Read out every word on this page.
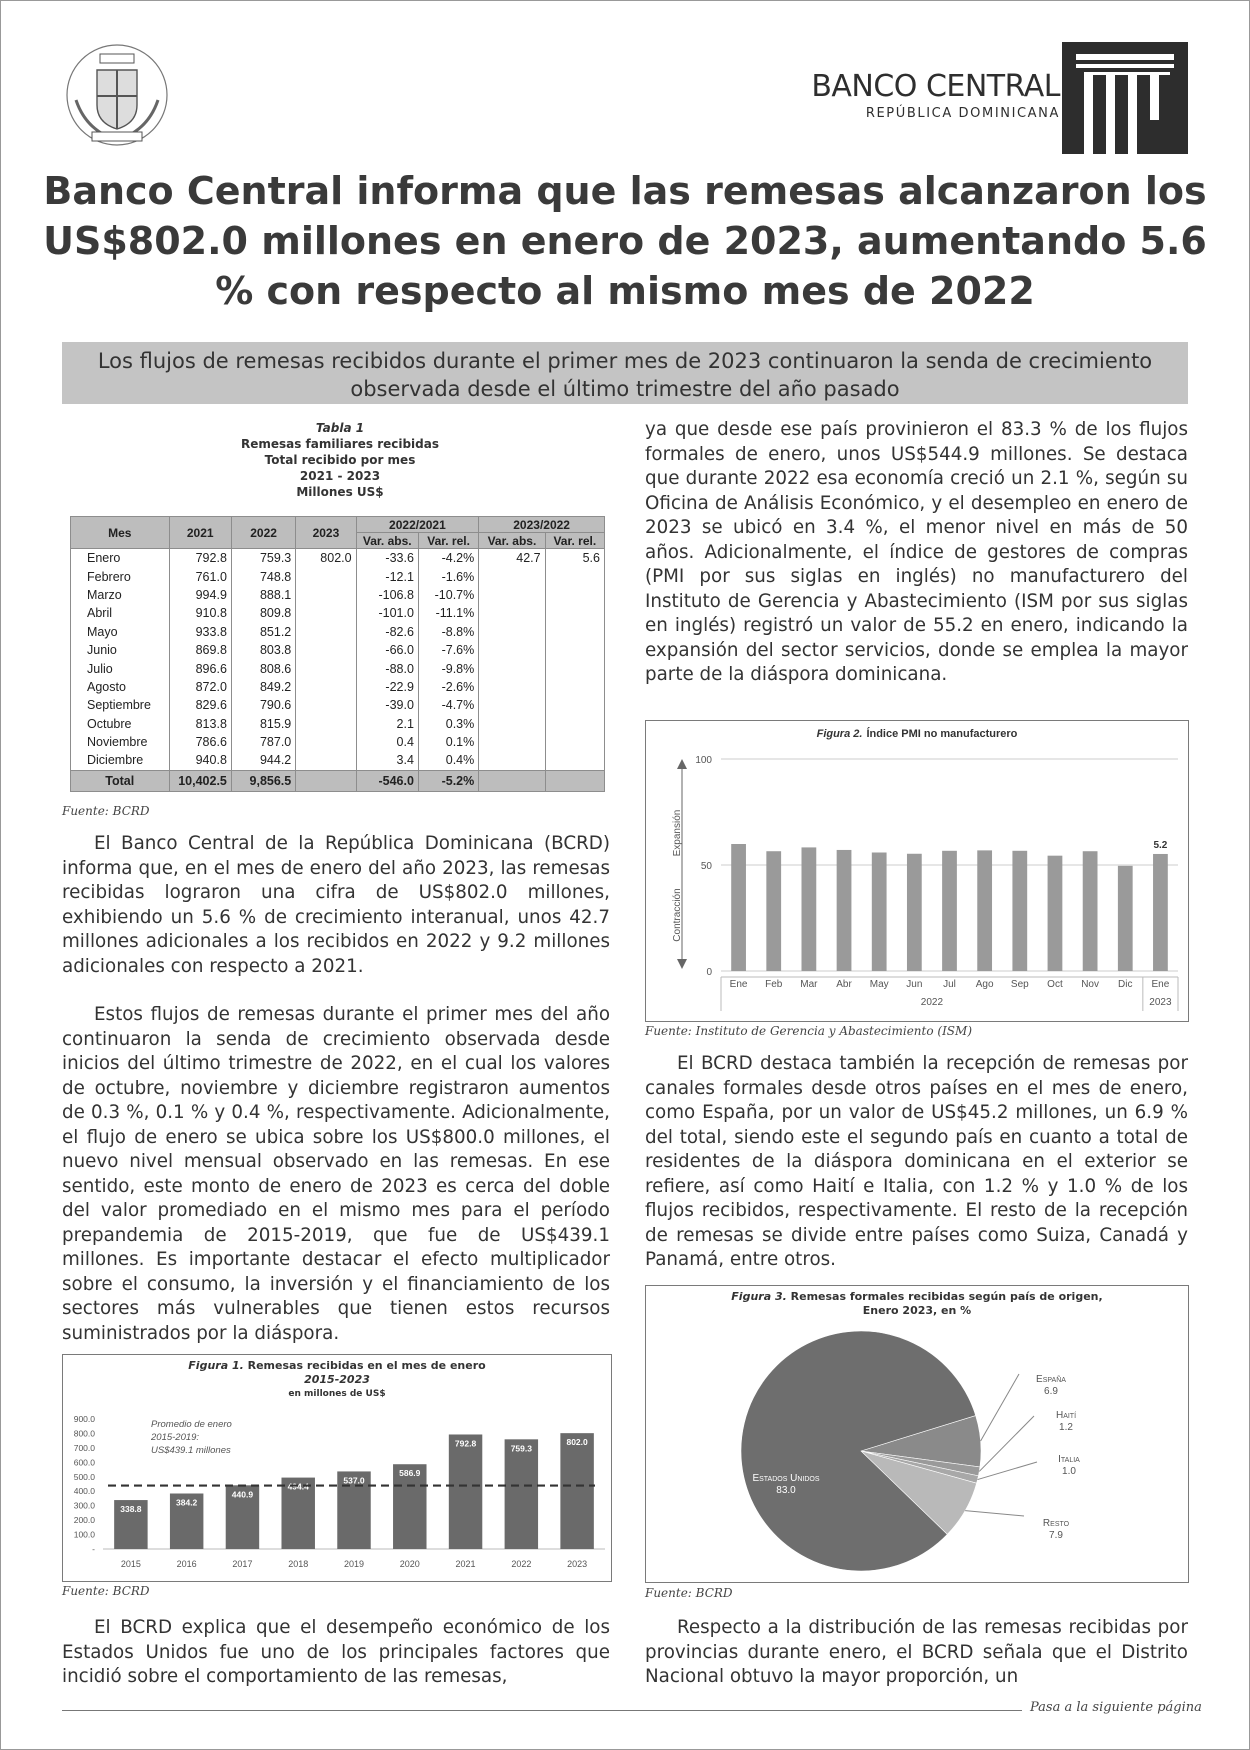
BANCO CENTRAL
REPÚBLICA DOMINICANA
Banco Central informa que las remesas alcanzaron los US$802.0 millones en enero de 2023, aumentando 5.6 % con respecto al mismo mes de 2022
Los flujos de remesas recibidos durante el primer mes de 2023 continuaron la senda de crecimiento observada desde el último trimestre del año pasado
Tabla 1
Remesas familiares recibidas
Total recibido por mes
2021 - 2023
Millones US$
Mes	2021	2022	2023	2022/2021		2023/2022	
				Var. abs.	Var. rel.	Var. abs.	Var. rel.
Enero	792.8	759.3	802.0	-33.6	-4.2%	42.7	5.6
Febrero	761.0	748.8		-12.1	-1.6%		
Marzo	994.9	888.1		-106.8	-10.7%		
Abril	910.8	809.8		-101.0	-11.1%		
Mayo	933.8	851.2		-82.6	-8.8%		
Junio	869.8	803.8		-66.0	-7.6%		
Julio	896.6	808.6		-88.0	-9.8%		
Agosto	872.0	849.2		-22.9	-2.6%		
Septiembre	829.6	790.6		-39.0	-4.7%		
Octubre	813.8	815.9		2.1	0.3%		
Noviembre	786.6	787.0		0.4	0.1%		
Diciembre	940.8	944.2		3.4	0.4%		
Total	10,402.5	9,856.5		-546.0	-5.2%		
Fuente: BCRD
El Banco Central de la República Dominicana (BCRD) informa que, en el mes de enero del año 2023, las remesas recibidas lograron una cifra de US$802.0 millones, exhibiendo un 5.6 % de crecimiento interanual, unos 42.7 millones adicionales a los recibidos en 2022 y 9.2 millones adicionales con respecto a 2021.
Estos flujos de remesas durante el primer mes del año continuaron la senda de crecimiento observada desde inicios del último trimestre de 2022, en el cual los valores de octubre, noviembre y diciembre registraron aumentos de 0.3 %, 0.1 % y 0.4 %, respectivamente. Adicionalmente, el flujo de enero se ubica sobre los US$800.0 millones, el nuevo nivel mensual observado en las remesas. En ese sentido, este monto de enero de 2023 es cerca del doble del valor promediado en el mismo mes para el período prepandemia de 2015-2019, que fue de US$439.1 millones. Es importante destacar el efecto multiplicador sobre el consumo, la inversión y el financiamiento de los sectores más vulnerables que tienen estos recursos suministrados por la diáspora.
Figura 1. Remesas recibidas en el mes de enero
2015-2023
en millones de US$
-
100.0
200.0
300.0
400.0
500.0
600.0
700.0
800.0
900.0
338.8
2015
384.2
2016
440.9
2017
494.4
2018
537.0
2019
586.9
2020
792.8
2021
759.3
2022
802.0
2023
Promedio de enero
2015-2019:
US$439.1 millones
Fuente: BCRD
El BCRD explica que el desempeño económico de los Estados Unidos fue uno de los principales factores que incidió sobre el comportamiento de las remesas,
ya que desde ese país provinieron el 83.3 % de los flujos formales de enero, unos US$544.9 millones. Se destaca que durante 2022 esa economía creció un 2.1 %, según su Oficina de Análisis Económico, y el desempleo en enero de 2023 se ubicó en 3.4 %, el menor nivel en más de 50 años. Adicionalmente, el índice de gestores de compras (PMI por sus siglas en inglés) no manufacturero del Instituto de Gerencia y Abastecimiento (ISM por sus siglas en inglés) registró un valor de 55.2 en enero, indicando la expansión del sector servicios, donde se emplea la mayor parte de la diáspora dominicana.
Figura 2. Índice PMI no manufacturero
0
50
100
Expansión
Contracción
Ene Feb Mar Abr May Jun Jul Ago Sep Oct Nov Dic Ene
5.2
2022	2023
Fuente: Instituto de Gerencia y Abastecimiento (ISM)
El BCRD destaca también la recepción de remesas por canales formales desde otros países en el mes de enero, como España, por un valor de US$45.2 millones, un 6.9 % del total, siendo este el segundo país en cuanto a total de residentes de la diáspora dominicana en el exterior se refiere, así como Haití e Italia, con 1.2 % y 1.0 % de los flujos recibidos, respectivamente. El resto de la recepción de remesas se divide entre países como Suiza, Canadá y Panamá, entre otros.
Figura 3. Remesas formales recibidas según país de origen,
Enero 2023, en %
Estados Unidos
83.0
España
6.9
Haití
1.2
Italia
1.0
Resto
7.9
Fuente: BCRD
Respecto a la distribución de las remesas recibidas por provincias durante enero, el BCRD señala que el Distrito Nacional obtuvo la mayor proporción, un
Pasa a la siguiente página
